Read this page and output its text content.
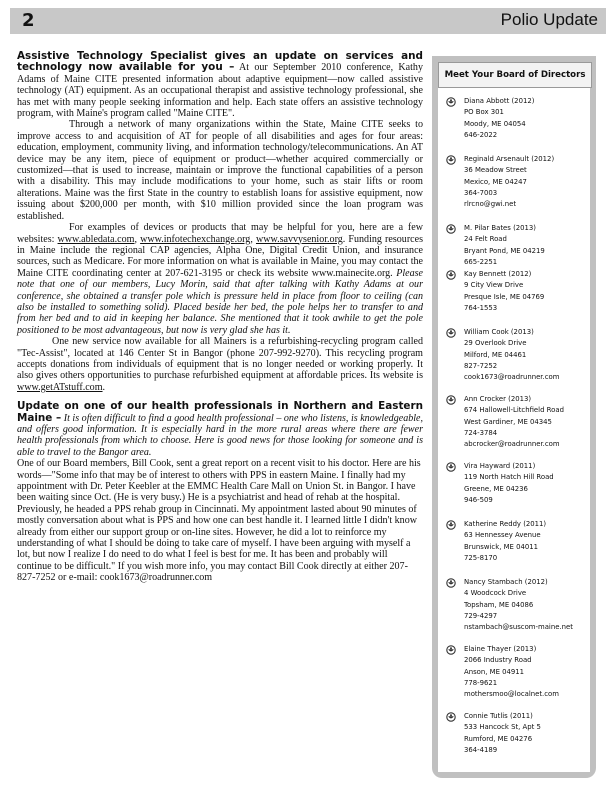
2	Polio Update

Assistive Technology Specialist gives an update on services and technology now available for you – At our September 2010 conference, Kathy Adams of Maine CITE presented information about adaptive equipment—now called assistive technology (AT) equipment. As an occupational therapist and assistive technology professional, she has met with many people seeking information and help. Each state offers an assistive technology program, with Maine's program called "Maine CITE".

Through a network of many organizations within the State, Maine CITE seeks to improve access to and acquisition of AT for people of all disabilities and ages for four areas: education, employment, community living, and information technology/telecommunications. An AT device may be any item, piece of equipment or product—whether acquired commercially or customized—that is used to increase, maintain or improve the functional capabilities of a person with a disability. This may include modifications to your home, such as stair lifts or room alterations. Maine was the first State in the country to establish loans for assistive equipment, now issuing about $200,000 per month, with $10 million provided since the loan program was established.

For examples of devices or products that may be helpful for you, here are a few websites: www.abledata.com, www.infotechexchange.org, www.savvysenior.org. Funding resources in Maine include the regional CAP agencies, Alpha One, Digital Credit Union, and insurance sources, such as Medicare. For more information on what is available in Maine, you may contact the Maine CITE coordinating center at 207-621-3195 or check its website www.mainecite.org. Please note that one of our members, Lucy Morin, said that after talking with Kathy Adams at our conference, she obtained a transfer pole which is pressure held in place from floor to ceiling (can also be installed to something solid). Placed beside her bed, the pole helps her to transfer to and from her bed and to aid in keeping her balance. She mentioned that it took awhile to get the pole positioned to be most advantageous, but now is very glad she has it.

One new service now available for all Mainers is a refurbishing-recycling program called "Tec-Assist", located at 146 Center St in Bangor (phone 207-992-9270). This recycling program accepts donations from individuals of equipment that is no longer needed or working properly. It also gives others opportunities to purchase refurbished equipment at affordable prices. Its website is www.getATstuff.com.

Update on one of our health professionals in Northern and Eastern Maine – It is often difficult to find a good health professional – one who listens, is knowledgeable, and offers good information. It is especially hard in the more rural areas where there are fewer health professionals from which to choose. Here is good news for those looking for someone and is able to travel to the Bangor area.

One of our Board members, Bill Cook, sent a great report on a recent visit to his doctor. Here are his words—"Some info that may be of interest to others with PPS in eastern Maine. I finally had my appointment with Dr. Peter Keebler at the EMMC Health Care Mall on Union St. in Bangor. I have been waiting since Oct. (He is very busy.) He is a psychiatrist and head of rehab at the hospital. Previously, he headed a PPS rehab group in Cincinnati. My appointment lasted about 90 minutes of mostly conversation about what is PPS and how one can best handle it. I learned little I didn't know already from either our support group or on-line sites. However, he did a lot to reinforce my understanding of what I should be doing to take care of myself. I have been arguing with myself a lot, but now I realize I do need to do what I feel is best for me. It has been and probably will continue to be difficult." If you wish more info, you may contact Bill Cook directly at either 207-827-7252 or e-mail: cook1673@roadrunner.com

Meet Your Board of Directors
Diana Abbott (2012)
PO Box 301
Moody, ME 04054
646-2022
Reginald Arsenault (2012)
36 Meadow Street
Mexico, ME 04247
364-7003
rlrcno@gwi.net
M. Pilar Bates (2013)
24 Felt Road
Bryant Pond, ME 04219
665-2251
Kay Bennett (2012)
9 City View Drive
Presque Isle, ME 04769
764-1553
William Cook (2013)
29 Overlook Drive
Milford, ME 04461
827-7252
cook1673@roadrunner.com
Ann Crocker (2013)
674 Hallowell-Litchfield Road
West Gardiner, ME 04345
724-3784
abcrocker@roadrunner.com
Vira Hayward (2011)
119 North Hatch Hill Road
Greene, ME 04236
946-509
Katherine Reddy (2011)
63 Hennessey Avenue
Brunswick, ME 04011
725-8170
Nancy Stambach (2012)
4 Woodcock Drive
Topsham, ME 04086
729-4297
nstambach@suscom-maine.net
Elaine Thayer (2013)
2066 Industry Road
Anson, ME 04911
778-9621
mothersmoo@localnet.com
Connie Tutlis (2011)
533 Hancock St, Apt 5
Rumford, ME 04276
364-4189
